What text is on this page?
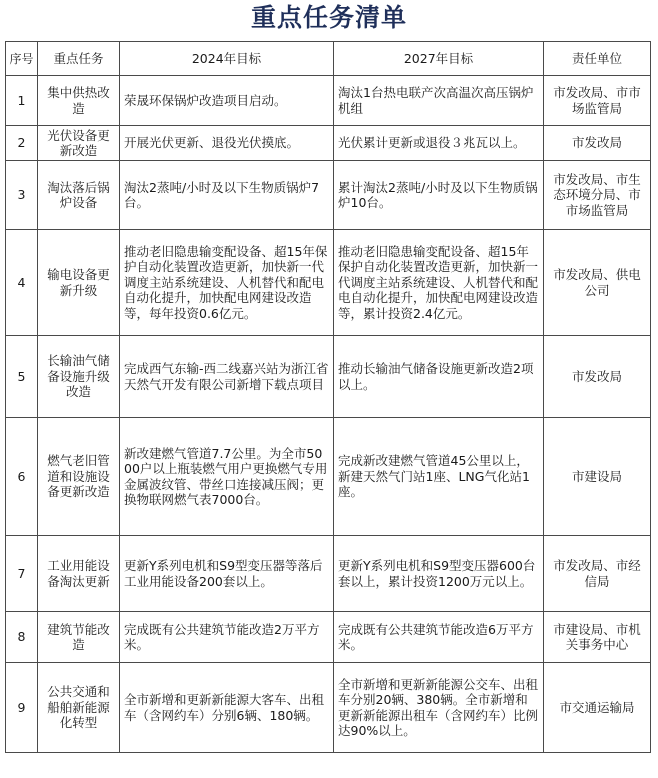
重点任务清单
序号	重点任务	2024年目标	2027年目标	责任单位
1	集中供热改造	荣晟环保锅炉改造项目启动。	淘汰1台热电联产次高温次高压锅炉机组	市发改局、市市场监管局
2	光伏设备更新改造	开展光伏更新、退役光伏摸底。	光伏累计更新或退役３兆瓦以上。	市发改局
3	淘汰落后锅炉设备	淘汰2蒸吨/小时及以下生物质锅炉7台。	累计淘汰2蒸吨/小时及以下生物质锅炉10台。	市发改局、市生态环境分局、市市场监管局
4	输电设备更新升级	推动老旧隐患输变配设备、超15年保护自动化装置改造更新，加快新一代调度主站系统建设、人机替代和配电自动化提升，加快配电网建设改造等，每年投资0.6亿元。	推动老旧隐患输变配设备、超15年保护自动化装置改造更新，加快新一代调度主站系统建设、人机替代和配电自动化提升，加快配电网建设改造等，累计投资2.4亿元。	市发改局、供电公司
5	长输油气储备设施升级改造	完成西气东输-西二线嘉兴站为浙江省天然气开发有限公司新增下载点项目	推动长输油气储备设施更新改造2项以上。	市发改局
6	燃气老旧管道和设施设备更新改造	新改建燃气管道7.7公里。为全市5000户以上瓶装燃气用户更换燃气专用金属波纹管、带丝口连接减压阀；更换物联网燃气表7000台。	完成新改建燃气管道45公里以上，新建天然气门站1座、LNG气化站1座。	市建设局
7	工业用能设备淘汰更新	更新Y系列电机和S9型变压器等落后工业用能设备200套以上。	更新Y系列电机和S9型变压器600台套以上，累计投资1200万元以上。	市发改局、市经信局
8	建筑节能改造	完成既有公共建筑节能改造2万平方米。	完成既有公共建筑节能改造6万平方米。	市建设局、市机关事务中心
9	公共交通和船舶新能源化转型	全市新增和更新新能源大客车、出租车（含网约车）分别6辆、180辆。	全市新增和更新新能源公交车、出租车分别20辆、380辆。全市新增和更新新能源出租车（含网约车）比例达90%以上。	市交通运输局
